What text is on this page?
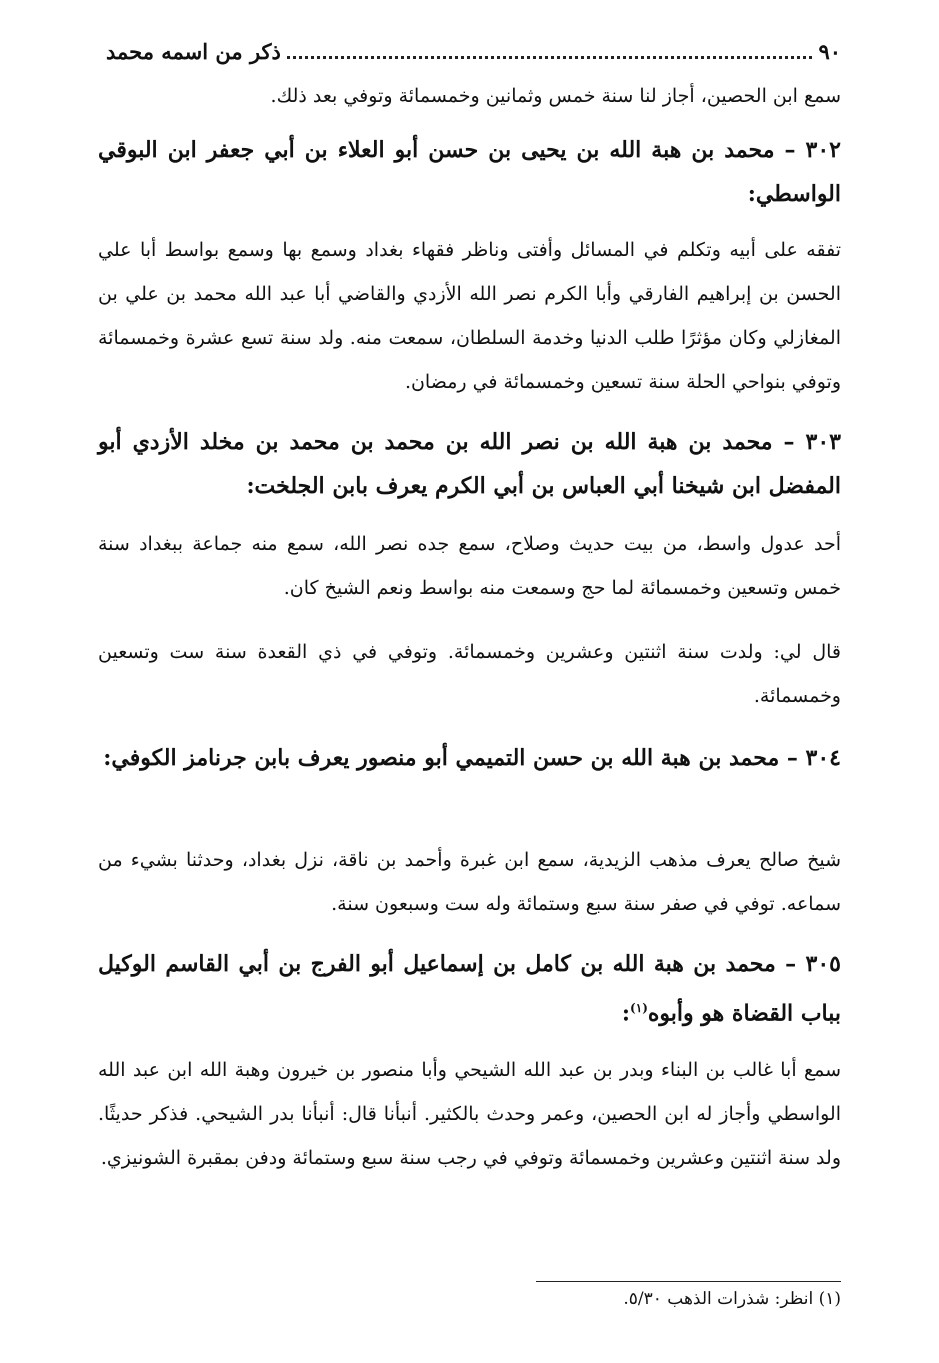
٩٠
ذكر من اسمه محمد
سمع ابن الحصين، أجاز لنا سنة خمس وثمانين وخمسمائة وتوفي بعد ذلك.
٣٠٢ – محمد بن هبة الله بن يحيى بن حسن أبو العلاء بن أبي جعفر ابن البوقي الواسطي:
تفقه على أبيه وتكلم في المسائل وأفتى وناظر فقهاء بغداد وسمع بها وسمع بواسط أبا علي الحسن بن إبراهيم الفارقي وأبا الكرم نصر الله الأزدي والقاضي أبا عبد الله محمد بن علي بن المغازلي وكان مؤثرًا طلب الدنيا وخدمة السلطان، سمعت منه. ولد سنة تسع عشرة وخمسمائة وتوفي بنواحي الحلة سنة تسعين وخمسمائة في رمضان.
٣٠٣ – محمد بن هبة الله بن نصر الله بن محمد بن محمد بن مخلد الأزدي أبو المفضل ابن شيخنا أبي العباس بن أبي الكرم يعرف بابن الجلخت:
أحد عدول واسط، من بيت حديث وصلاح، سمع جده نصر الله، سمع منه جماعة ببغداد سنة خمس وتسعين وخمسمائة لما حج وسمعت منه بواسط ونعم الشيخ كان.
قال لي: ولدت سنة اثنتين وعشرين وخمسمائة. وتوفي في ذي القعدة سنة ست وتسعين وخمسمائة.
٣٠٤ – محمد بن هبة الله بن حسن التميمي أبو منصور يعرف بابن جرنامز الكوفي:
شيخ صالح يعرف مذهب الزيدية، سمع ابن غبرة وأحمد بن ناقة، نزل بغداد، وحدثنا بشيء من سماعه. توفي في صفر سنة سبع وستمائة وله ست وسبعون سنة.
٣٠٥ – محمد بن هبة الله بن كامل بن إسماعيل أبو الفرج بن أبي القاسم الوكيل بباب القضاة هو وأبوه$^{(١)}$:
سمع أبا غالب بن البناء وبدر بن عبد الله الشيحي وأبا منصور بن خيرون وهبة الله ابن عبد الله الواسطي وأجاز له ابن الحصين، وعمر وحدث بالكثير. أنبأنا قال: أنبأنا بدر الشيحي. فذكر حديثًا. ولد سنة اثنتين وعشرين وخمسمائة وتوفي في رجب سنة سبع وستمائة ودفن بمقبرة الشونيزي.
(١) انظر: شذرات الذهب ٥/٣٠.
